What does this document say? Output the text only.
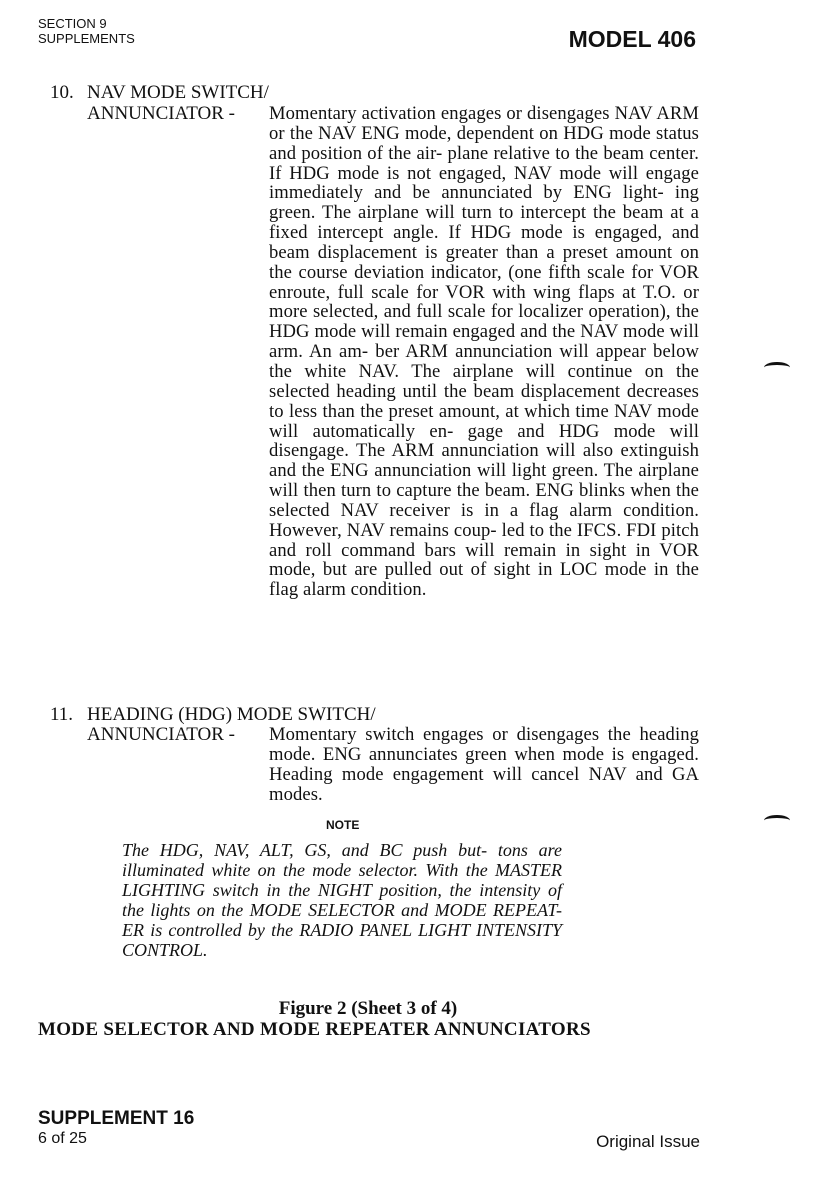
SECTION 9
SUPPLEMENTS	MODEL 406
10. NAV MODE SWITCH/
ANNUNCIATOR - Momentary activation engages or disengages NAV ARM or the NAV ENG mode, dependent on HDG mode status and position of the air- plane relative to the beam center. If HDG mode is not engaged, NAV mode will engage immediately and be annunciated by ENG light- ing green. The airplane will turn to intercept the beam at a fixed intercept angle. If HDG mode is engaged, and beam displacement is greater than a preset amount on the course deviation indicator, (one fifth scale for VOR enroute, full scale for VOR with wing flaps at T.O. or more selected, and full scale for localizer operation), the HDG mode will remain engaged and the NAV mode will arm. An am- ber ARM annunciation will appear below the white NAV. The airplane will continue on the selected heading until the beam displacement decreases to less than the preset amount, at which time NAV mode will automatically en- gage and HDG mode will disengage. The ARM annunciation will also extinguish and the ENG annunciation will light green. The airplane will then turn to capture the beam. ENG blinks when the selected NAV receiver is in a flag alarm condition. However, NAV remains coup- led to the IFCS. FDI pitch and roll command bars will remain in sight in VOR mode, but are pulled out of sight in LOC mode in the flag alarm condition.
11. HEADING (HDG) MODE SWITCH/
ANNUNCIATOR - Momentary switch engages or disengages the heading mode. ENG annunciates green when mode is engaged. Heading mode engagement will cancel NAV and GA modes.
NOTE
The HDG, NAV, ALT, GS, and BC push but- tons are illuminated white on the mode selector. With the MASTER LIGHTING switch in the NIGHT position, the intensity of the lights on the MODE SELECTOR and MODE REPEAT- ER is controlled by the RADIO PANEL LIGHT INTENSITY CONTROL.
Figure 2 (Sheet 3 of 4)
MODE SELECTOR AND MODE REPEATER ANNUNCIATORS
SUPPLEMENT 16
6 of 25	Original Issue
